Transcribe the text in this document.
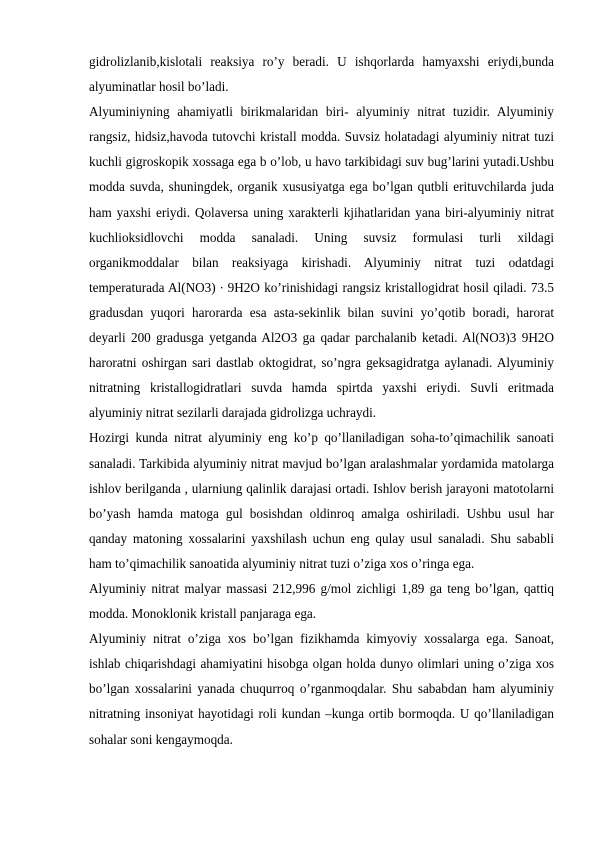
gidrolizlanib,kislotali reaksiya ro’y beradi. U ishqorlarda hamyaxshi eriydi,bunda alyuminatlar hosil bo’ladi.

Alyuminiyning ahamiyatli birikmalaridan biri- alyuminiy nitrat tuzidir. Alyuminiy rangsiz, hidsiz,havoda tutovchi kristall modda. Suvsiz holatadagi alyuminiy nitrat tuzi kuchli gigroskopik xossaga ega b o’lob, u havo tarkibidagi suv bug’larini yutadi.Ushbu modda suvda, shuningdek, organik xususiyatga ega bo’lgan qutbli erituvchilarda juda ham yaxshi eriydi. Qolaversa uning xarakterli kjihatlaridan yana biri-alyuminiy nitrat kuchlioksidlovchi modda sanaladi. Uning suvsiz formulasi turli xildagi organikmoddalar bilan reaksiyaga kirishadi. Alyuminiy nitrat tuzi odatdagi temperaturada Al(NO3) ∙ 9H2O ko’rinishidagi rangsiz kristallogidrat hosil qiladi. 73.5 gradusdan yuqori harorarda esa asta-sekinlik bilan suvini yo’qotib boradi, harorat deyarli 200 gradusga yetganda Al2O3 ga qadar parchalanib ketadi. Al(NO3)3 9H2O haroratni oshirgan sari dastlab oktogidrat, so’ngra geksagidratga aylanadi. Alyuminiy nitratning kristallogidratlari suvda hamda spirtda yaxshi eriydi. Suvli eritmada alyuminiy nitrat sezilarli darajada gidrolizga uchraydi.

Hozirgi kunda nitrat alyuminiy eng ko’p qo’llaniladigan soha-to’qimachilik sanoati sanaladi. Tarkibida alyuminiy nitrat mavjud bo’lgan aralashmalar yordamida matolarga ishlov berilganda , ularniung qalinlik darajasi ortadi. Ishlov berish jarayoni matotolarni bo’yash hamda matoga gul bosishdan oldinroq amalga oshiriladi. Ushbu usul har qanday matoning xossalarini yaxshilash uchun eng qulay usul sanaladi. Shu sababli ham to’qimachilik sanoatida alyuminiy nitrat tuzi o’ziga xos o’ringa ega.

Alyuminiy nitrat malyar massasi 212,996 g/mol zichligi 1,89 ga teng bo’lgan, qattiq modda. Monoklonik kristall panjaraga ega.

Alyuminiy nitrat o’ziga xos bo’lgan fizikhamda kimyoviy xossalarga ega. Sanoat, ishlab chiqarishdagi ahamiyatini hisobga olgan holda dunyo olimlari uning o’ziga xos bo’lgan xossalarini yanada chuqurroq o’rganmoqdalar. Shu sababdan ham alyuminiy nitratning insoniyat hayotidagi roli kundan –kunga ortib bormoqda. U qo’llaniladigan sohalar soni kengaymoqda.
